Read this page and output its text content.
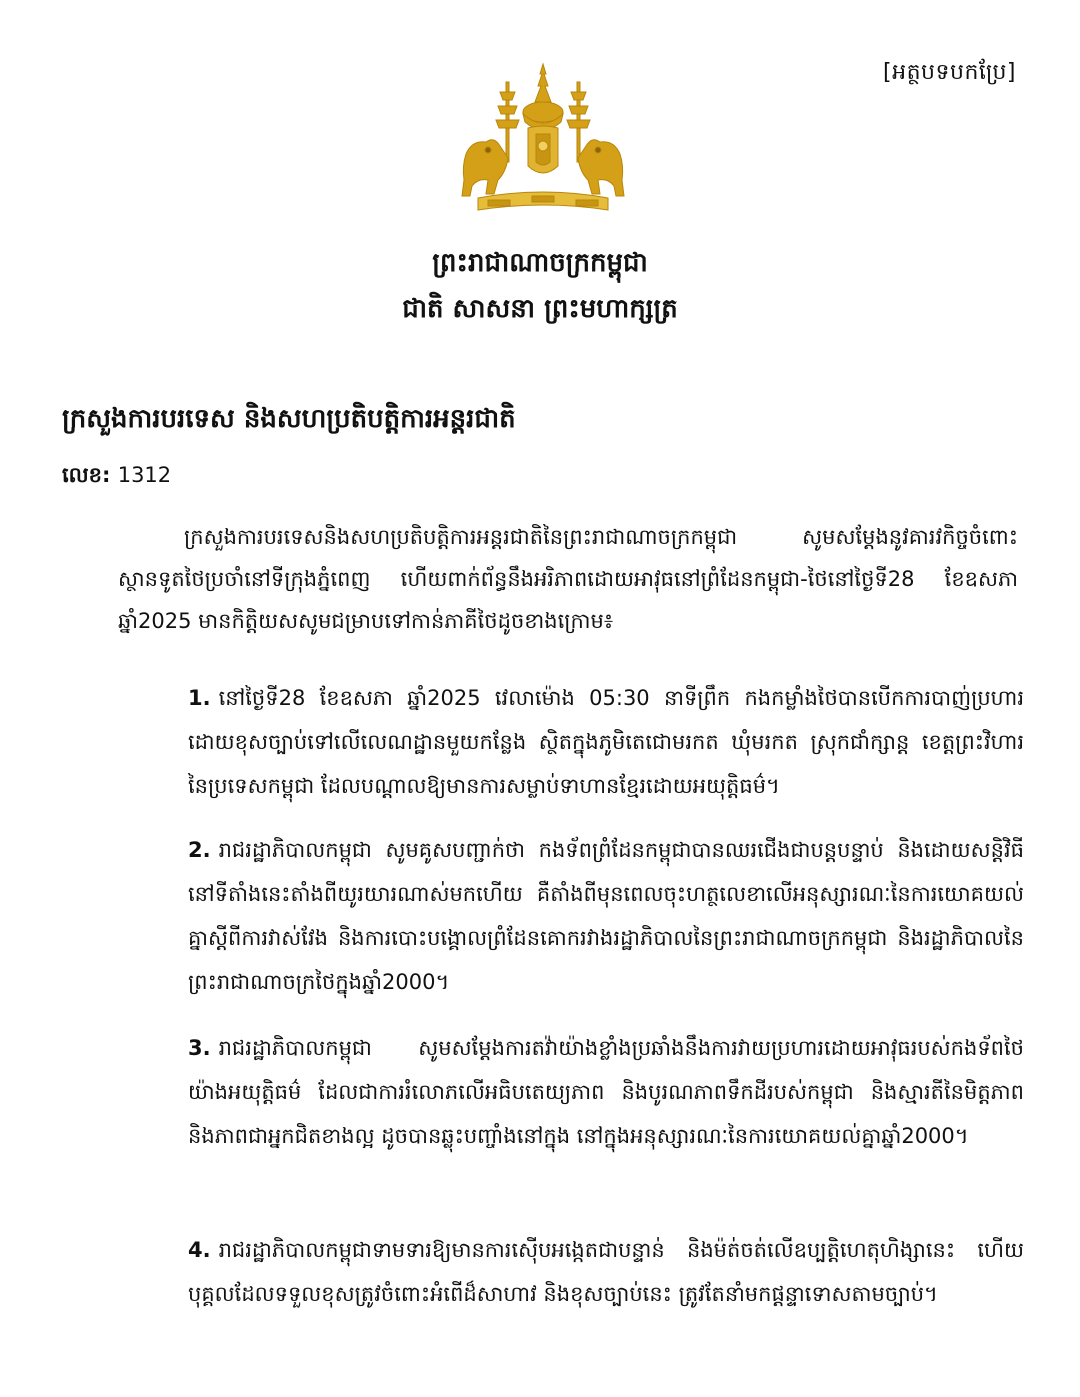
[អត្ថបទបកប្រែ]
ព្រះរាជាណាចក្រកម្ពុជា
ជាតិ សាសនា ព្រះមហាក្សត្រ
ក្រសួងការបរទេស និងសហប្រតិបត្តិការអន្តរជាតិ
លេខ: 1312
ក្រសួងការបរទេសនិងសហប្រតិបត្តិការអន្តរជាតិនៃព្រះរាជាណាចក្រកម្ពុជា សូមសម្តែងនូវគារវកិច្ចចំពោះស្ថានទូតថៃប្រចាំនៅទីក្រុងភ្នំពេញ ហើយពាក់ព័ន្ធនឹងអរិភាពដោយអាវុធនៅព្រំដែនកម្ពុជា-ថៃនៅថ្ងៃទី28 ខែឧសភា ឆ្នាំ2025 មានកិត្តិយសសូមជម្រាបទៅកាន់ភាគីថៃដូចខាងក្រោម៖
1. នៅថ្ងៃទី28 ខែឧសភា ឆ្នាំ2025 វេលាម៉ោង 05:30 នាទីព្រឹក កងកម្លាំងថៃបានបើកការបាញ់ប្រហារដោយខុសច្បាប់ទៅលើលេណដ្ឋានមួយកន្លែង ស្ថិតក្នុងភូមិតេជោមរកត ឃុំមរកត ស្រុកជាំក្សាន្ត ខេត្តព្រះវិហារ នៃប្រទេសកម្ពុជា ដែលបណ្តាលឱ្យមានការសម្លាប់ទាហានខ្មែរដោយអយុត្តិធម៌។
2. រាជរដ្ឋាភិបាលកម្ពុជា សូមគូសបញ្ជាក់ថា កងទ័ពព្រំដែនកម្ពុជាបានឈរជើងជាបន្តបន្ទាប់ និងដោយសន្តិវិធីនៅទីតាំងនេះតាំងពីយូរយារណាស់មកហើយ គឺតាំងពីមុនពេលចុះហត្ថលេខាលើអនុស្សារណៈនៃការយោគយល់គ្នាស្តីពីការវាស់វែង និងការបោះបង្គោលព្រំដែនគោករវាងរដ្ឋាភិបាលនៃព្រះរាជាណាចក្រកម្ពុជា និងរដ្ឋាភិបាលនៃព្រះរាជាណាចក្រថៃក្នុងឆ្នាំ2000។
3. រាជរដ្ឋាភិបាលកម្ពុជា សូមសម្តែងការតវ៉ាយ៉ាងខ្លាំងប្រឆាំងនឹងការវាយប្រហារដោយអាវុធរបស់កងទ័ពថៃយ៉ាងអយុត្តិធម៌ ដែលជាការរំលោភលើអធិបតេយ្យភាព និងបូរណភាពទឹកដីរបស់កម្ពុជា និងស្មារតីនៃមិត្តភាព និងភាពជាអ្នកជិតខាងល្អ ដូចបានឆ្លុះបញ្ចាំងនៅក្នុង នៅក្នុងអនុស្សារណៈនៃការយោគយល់គ្នាឆ្នាំ2000។
4. រាជរដ្ឋាភិបាលកម្ពុជាទាមទារឱ្យមានការស៊ើបអង្កេតជាបន្ទាន់ និងម៉ត់ចត់លើឧប្បត្តិហេតុហិង្សានេះ ហើយបុគ្គលដែលទទួលខុសត្រូវចំពោះអំពើដ៏សាហាវ និងខុសច្បាប់នេះ ត្រូវតែនាំមកផ្តន្ទាទោសតាមច្បាប់។
